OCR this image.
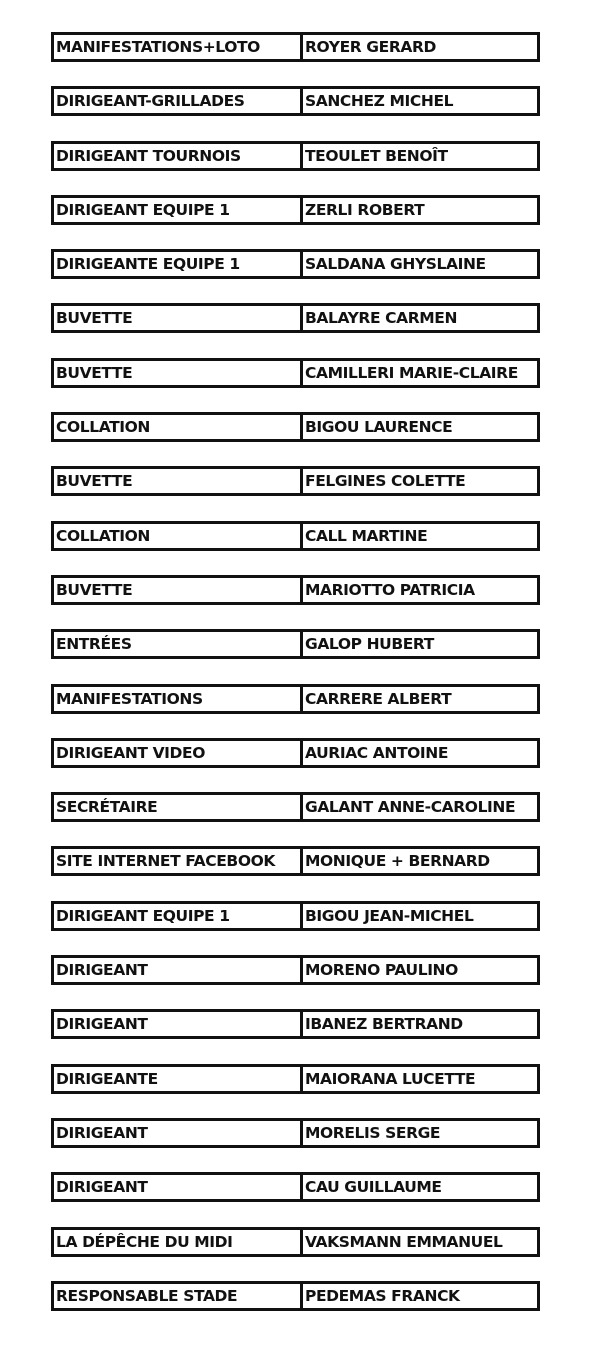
MANIFESTATIONS+LOTO	ROYER GERARD
DIRIGEANT-GRILLADES	SANCHEZ MICHEL
DIRIGEANT TOURNOIS	TEOULET BENOÎT
DIRIGEANT EQUIPE 1	ZERLI ROBERT
DIRIGEANTE EQUIPE 1	SALDANA GHYSLAINE
BUVETTE	BALAYRE CARMEN
BUVETTE	CAMILLERI MARIE-CLAIRE
COLLATION	BIGOU LAURENCE
BUVETTE	FELGINES COLETTE
COLLATION	CALL MARTINE
BUVETTE	MARIOTTO PATRICIA
ENTRÉES	GALOP HUBERT
MANIFESTATIONS	CARRERE ALBERT
DIRIGEANT VIDEO	AURIAC ANTOINE
SECRÉTAIRE	GALANT ANNE-CAROLINE
SITE INTERNET FACEBOOK	MONIQUE + BERNARD
DIRIGEANT EQUIPE 1	BIGOU JEAN-MICHEL
DIRIGEANT	MORENO PAULINO
DIRIGEANT	IBANEZ BERTRAND
DIRIGEANTE	MAIORANA LUCETTE
DIRIGEANT	MORELIS SERGE
DIRIGEANT	CAU GUILLAUME
LA DÉPÊCHE DU MIDI	VAKSMANN EMMANUEL
RESPONSABLE STADE	PEDEMAS FRANCK
